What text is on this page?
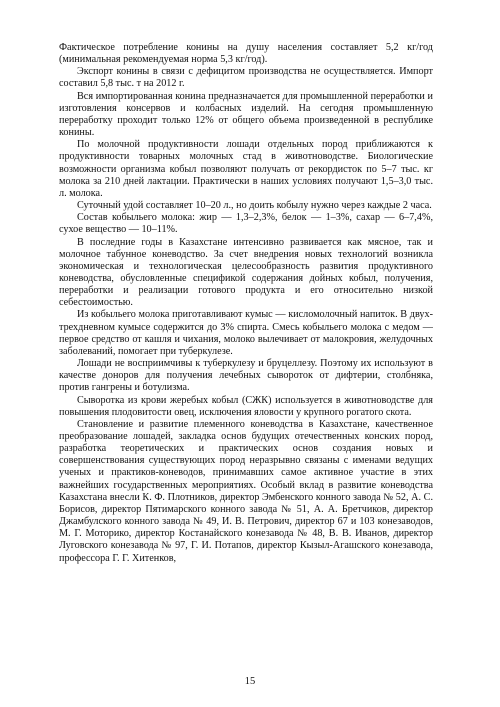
Фактическое потребление конины на душу населения составляет 5,2 кг/год (минимальная рекомендуемая норма 5,3 кг/год).

Экспорт конины в связи с дефицитом производства не осуществляется. Импорт составил 5,8 тыс. т на 2012 г.

Вся импортированная конина предназначается для промышленной переработки и изготовления консервов и колбасных изделий. На сегодня промышленную переработку проходит только 12% от общего объема произведенной в республике конины.

По молочной продуктивности лошади отдельных пород приближаются к продуктивности товарных молочных стад в животноводстве. Биологические возможности организма кобыл позволяют получать от рекордисток по 5–7 тыс. кг молока за 210 дней лактации. Практически в наших условиях получают 1,5–3,0 тыс. л. молока.

Суточный удой составляет 10–20 л., но доить кобылу нужно через каждые 2 часа.

Состав кобыльего молока: жир — 1,3–2,3%, белок — 1–3%, сахар — 6–7,4%, сухое вещество — 10–11%.

В последние годы в Казахстане интенсивно развивается как мясное, так и молочное табунное коневодство. За счет внедрения новых технологий возникла экономическая и технологическая целесообразность развития продуктивного коневодства, обусловленные спецификой содержания дойных кобыл, получения, переработки и реализации готового продукта и его относительно низкой себестоимостью.

Из кобыльего молока приготавливают кумыс — кисломолочный напиток. В двух-трехдневном кумысе содержится до 3% спирта. Смесь кобыльего молока с медом — первое средство от кашля и чихания, молоко вылечивает от малокровия, желудочных заболеваний, помогает при туберкулезе.

Лошади не восприимчивы к туберкулезу и бруцеллезу. Поэтому их используют в качестве доноров для получения лечебных сывороток от дифтерии, столбняка, против гангрены и ботулизма.

Сыворотка из крови жеребых кобыл (СЖК) используется в животноводстве для повышения плодовитости овец, исключения яловости у крупного рогатого скота.

Становление и развитие племенного коневодства в Казахстане, качественное преобразование лошадей, закладка основ будущих отечественных конских пород, разработка теоретических и практических основ создания новых и совершенствования существующих пород неразрывно связаны с именами ведущих ученых и практиков-коневодов, принимавших самое активное участие в этих важнейших государственных мероприятиях. Особый вклад в развитие коневодства Казахстана внесли К. Ф. Плотников, директор Эмбенского конного завода № 52, А. С. Борисов, директор Пятимарского конного завода № 51, А. А. Бретчиков, директор Джамбулского конного завода № 49, И. В. Петрович, директор 67 и 103 конезаводов, М. Г. Моторико, директор Костанайского конезавода № 48, В. В. Иванов, директор Луговского конезавода № 97, Г. И. Потапов, директор Кызыл-Агашского конезавода, профессора Г. Г. Хитенков,

15
